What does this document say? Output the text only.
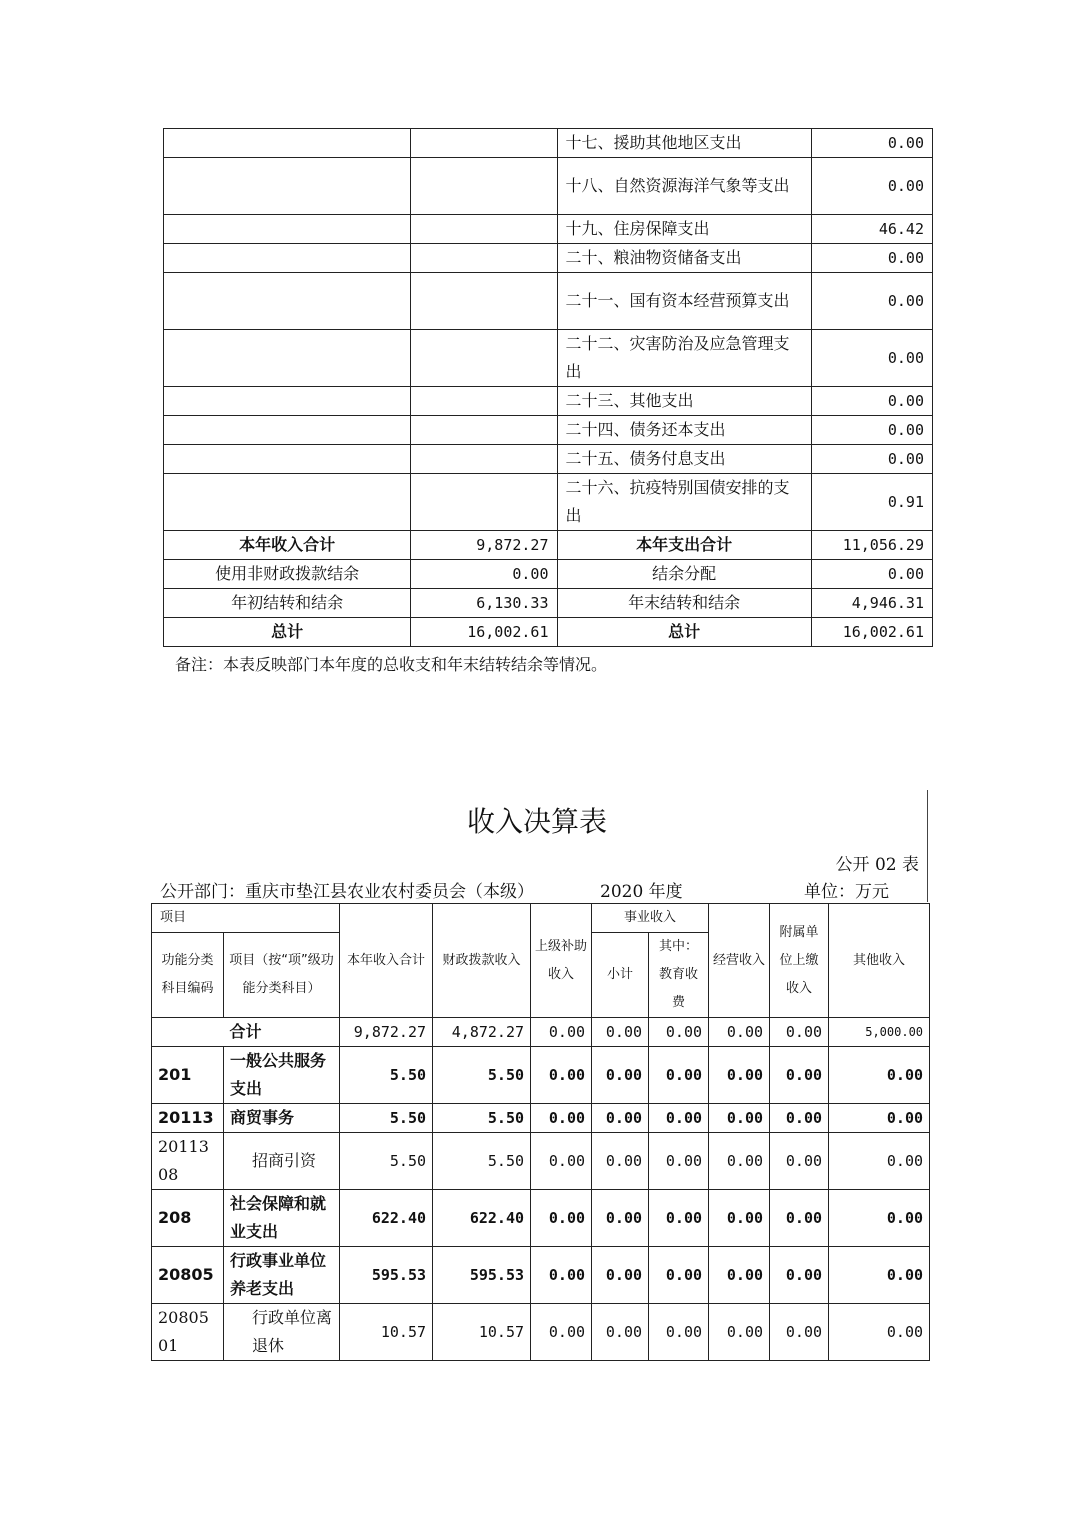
		十七、援助其他地区支出	0.00
		十八、自然资源海洋气象等支出	0.00
		十九、住房保障支出	46.42
		二十、粮油物资储备支出	0.00
		二十一、国有资本经营预算支出	0.00
		二十二、灾害防治及应急管理支出	0.00
		二十三、其他支出	0.00
		二十四、债务还本支出	0.00
		二十五、债务付息支出	0.00
		二十六、抗疫特别国债安排的支出	0.91
本年收入合计	9,872.27	本年支出合计	11,056.29
使用非财政拨款结余	0.00	结余分配	0.00
年初结转和结余	6,130.33	年末结转和结余	4,946.31
总计	16,002.61	总计	16,002.61
备注：本表反映部门本年度的总收支和年末结转结余等情况。
收入决算表
公开 02 表
公开部门：重庆市垫江县农业农村委员会（本级）	2020 年度	单位：万元
项目		本年收入合计	财政拨款收入	上级补助收入	事业收入		经营收入	附属单位上缴收入	其他收入
功能分类科目编码	项目（按“项”级功能分类科目）								
					小计	其中：教育收费			
合计		9,872.27	4,872.27	0.00	0.00	0.00	0.00	0.00	5,000.00
201	一般公共服务支出	5.50	5.50	0.00	0.00	0.00	0.00	0.00	0.00
20113	商贸事务	5.50	5.50	0.00	0.00	0.00	0.00	0.00	0.00
2011308	招商引资	5.50	5.50	0.00	0.00	0.00	0.00	0.00	0.00
208	社会保障和就业支出	622.40	622.40	0.00	0.00	0.00	0.00	0.00	0.00
20805	行政事业单位养老支出	595.53	595.53	0.00	0.00	0.00	0.00	0.00	0.00
2080501	行政单位离退休	10.57	10.57	0.00	0.00	0.00	0.00	0.00	0.00
